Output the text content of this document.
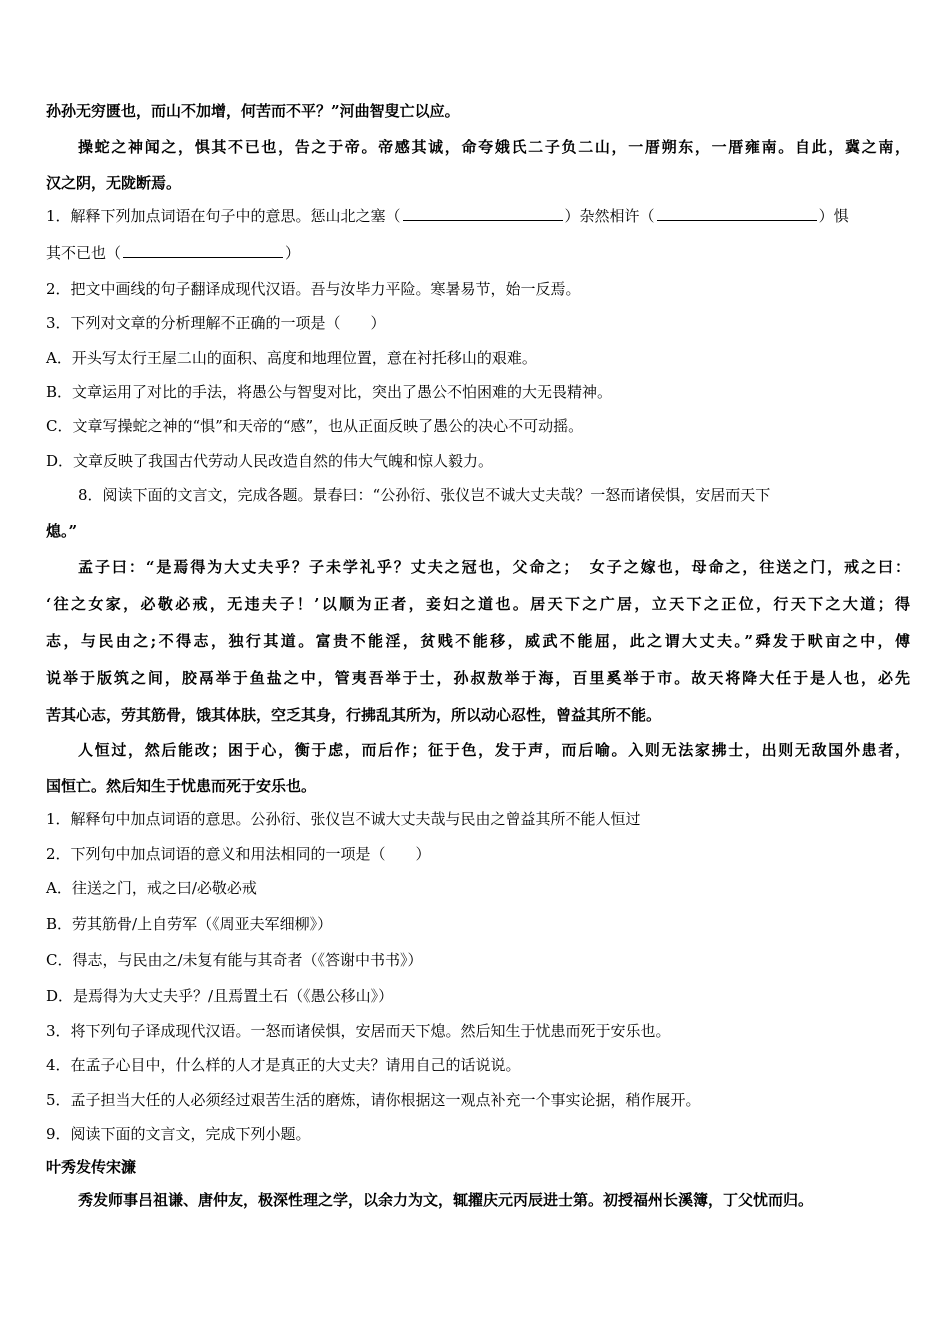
孙孙无穷匮也，而山不加增，何苦而不平？”河曲智叟亡以应。
操蛇之神闻之，惧其不已也，告之于帝。帝感其诚，命夸娥氏二子负二山，一厝朔东，一厝雍南。自此，冀之南，
汉之阴，无陇断焉。
1．解释下列加点词语在句子中的意思。惩山北之塞（	）杂然相许（	）惧
其不已也（	）
2．把文中画线的句子翻译成现代汉语。吾与汝毕力平险。寒暑易节，始一反焉。
3．下列对文章的分析理解不正确的一项是（　　）
A．开头写太行王屋二山的面积、高度和地理位置，意在衬托移山的艰难。
B．文章运用了对比的手法，将愚公与智叟对比，突出了愚公不怕困难的大无畏精神。
C．文章写操蛇之神的“惧”和天帝的“感”，也从正面反映了愚公的决心不可动摇。
D．文章反映了我国古代劳动人民改造自然的伟大气魄和惊人毅力。
8．阅读下面的文言文，完成各题。景春曰：“公孙衍、张仪岂不诚大丈夫哉？一怒而诸侯惧，安居而天下
熄。”
孟子曰：“是焉得为大丈夫乎？子未学礼乎？丈夫之冠也，父命之；　女子之嫁也，母命之，往送之门，戒之曰：
‘往之女家，必敬必戒，无违夫子！’以顺为正者，妾妇之道也。居天下之广居，立天下之正位，行天下之大道；得
志，与民由之;不得志，独行其道。富贵不能淫，贫贱不能移，威武不能屈，此之谓大丈夫。”舜发于畎亩之中，傅
说举于版筑之间，胶鬲举于鱼盐之中，管夷吾举于士，孙叔敖举于海，百里奚举于市。故天将降大任于是人也，必先
苦其心志，劳其筋骨，饿其体肤，空乏其身，行拂乱其所为，所以动心忍性，曾益其所不能。
人恒过，然后能改；困于心，衡于虑，而后作；征于色，发于声，而后喻。入则无法家拂士，出则无敌国外患者，
国恒亡。然后知生于忧患而死于安乐也。
1．解释句中加点词语的意思。公孙衍、张仪岂不诚大丈夫哉与民由之曾益其所不能人恒过
2．下列句中加点词语的意义和用法相同的一项是（　　）
A．往送之门，戒之曰/必敬必戒
B．劳其筋骨/上自劳军（《周亚夫军细柳》）
C．得志，与民由之/未复有能与其奇者（《答谢中书书》）
D．是焉得为大丈夫乎？/且焉置土石（《愚公移山》）
3．将下列句子译成现代汉语。一怒而诸侯惧，安居而天下熄。然后知生于忧患而死于安乐也。
4．在孟子心目中，什么样的人才是真正的大丈夫？请用自己的话说说。
5．孟子担当大任的人必须经过艰苦生活的磨炼，请你根据这一观点补充一个事实论据，稍作展开。
9．阅读下面的文言文，完成下列小题。
叶秀发传宋濂
秀发师事吕祖谦、唐仲友，极深性理之学，以余力为文，辄擢庆元丙辰进士第。初授福州长溪簿，丁父忧而归。
